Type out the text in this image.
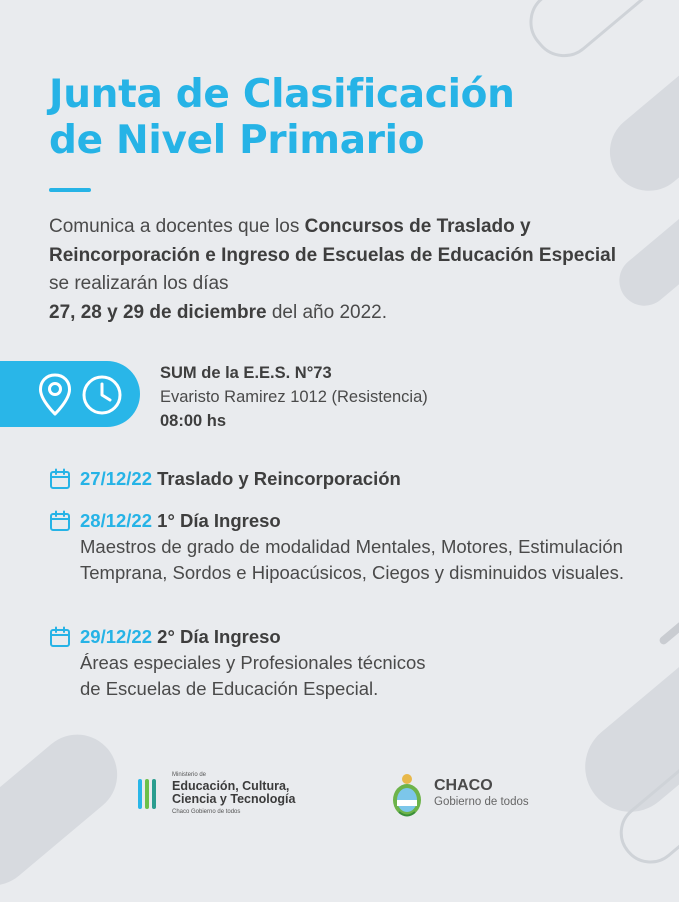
Junta de Clasificación
de Nivel Primario
Comunica a docentes que los Concursos de Traslado y Reincorporación e Ingreso de Escuelas de Educación Especial se realizarán los días
27, 28 y 29 de diciembre del año 2022.
SUM de la E.E.S. N°73
Evaristo Ramirez 1012 (Resistencia)
08:00 hs
27/12/22 Traslado y Reincorporación
28/12/22 1° Día Ingreso
Maestros de grado de modalidad Mentales, Motores, Estimulación Temprana, Sordos e Hipoacúsicos, Ciegos y disminuidos visuales.
29/12/22 2° Día Ingreso
Áreas especiales y Profesionales técnicos de Escuelas de Educación Especial.
Ministerio de
Educación, Cultura,
Ciencia y Tecnología
Chaco Gobierno de todos
CHACO
Gobierno de todos
